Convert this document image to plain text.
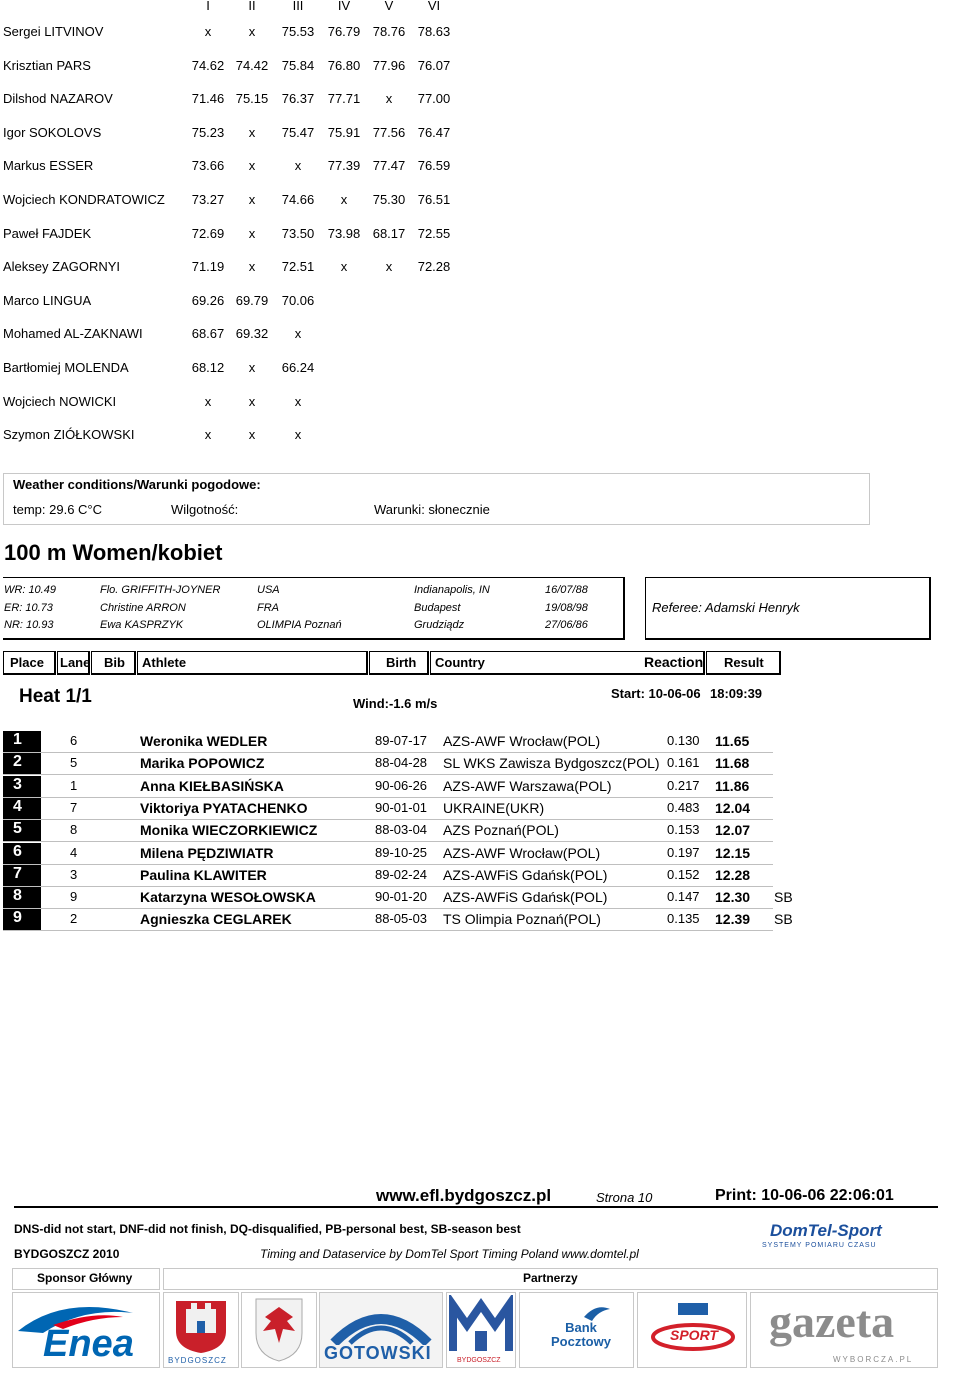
I	II	III	IV	V	VI
Sergei LITVINOV	x	x	75.53	76.79 78.76 78.63
Krisztian PARS	74.62 74.42	75.84	76.80 77.96 76.07
Dilshod NAZAROV	71.46 75.15	76.37	77.71	x	77.00
Igor SOKOLOVS	75.23	x	75.47	75.91 77.56 76.47
Markus ESSER	73.66	x	x	77.39 77.47 76.59
Wojciech KONDRATOWICZ	73.27	x	74.66	x	75.30 76.51
Paweł FAJDEK	72.69	x	73.50	73.98 68.17 72.55
Aleksey ZAGORNYI	71.19	x	72.51	x	x	72.28
Marco LINGUA	69.26 69.79	70.06
Mohamed AL-ZAKNAWI	68.67 69.32	x
Bartłomiej MOLENDA	68.12	x	66.24
Wojciech NOWICKI	x	x	x
Szymon ZIÓŁKOWSKI	x	x	x
Weather conditions/Warunki pogodowe:
temp: 29.6 C°C	Wilgotność:	Warunki: słonecznie
100 m Women/kobiet
WR: 10.49	Flo. GRIFFITH-JOYNER	USA	Indianapolis, IN	16/07/88
ER: 10.73	Christine ARRON	FRA	Budapest	19/08/98
NR: 10.93	Ewa KASPRZYK	OLIMPIA Poznań	Grudziądz	27/06/86
Referee: Adamski Henryk
Place	Lane	Bib	Athlete	Birth	Country	Reaction	Result
Heat 1/1	Wind:-1.6 m/s
Start: 10-06-06 18:09:39
1	6	Weronika WEDLER	89-07-17 AZS-AWF Wrocław(POL)	0.130 11.65
2	5	Marika POPOWICZ	88-04-28 SL WKS Zawisza Bydgoszcz(POL) 0.161 11.68
3	1	Anna KIEŁBASIŃSKA	90-06-26 AZS-AWF Warszawa(POL)	0.217 11.86
4	7	Viktoriya PYATACHENKO	90-01-01 UKRAINE(UKR)	0.483 12.04
5	8	Monika WIECZORKIEWICZ	88-03-04 AZS Poznań(POL)	0.153 12.07
6	4	Milena PĘDZIWIATR	89-10-25 AZS-AWF Wrocław(POL)	0.197 12.15
7	3	Paulina KLAWITER	89-02-24 AZS-AWFiS Gdańsk(POL)	0.152 12.28
8	9	Katarzyna WESOŁOWSKA	90-01-20 AZS-AWFiS Gdańsk(POL)	0.147 12.30 SB
9	2	Agnieszka CEGLAREK	88-05-03 TS Olimpia Poznań(POL)	0.135 12.39 SB
www.efl.bydgoszcz.pl	Strona 10	Print: 10-06-06 22:06:01
DNS-did not start, DNF-did not finish, DQ-disqualified, PB-personal best, SB-season best
BYDGOSZCZ 2010	Timing and Dataservice by DomTel Sport Timing Poland www.domtel.pl
DomTel-Sport
SYSTEMY POMIARU CZASU
Sponsor Główny	Partnerzy
Enea	BYDGOSZCZ	GOTOWSKI	BYDGOSZCZ
Bank Pocztowy	SPORT gazeta
WYBORCZA.PL
